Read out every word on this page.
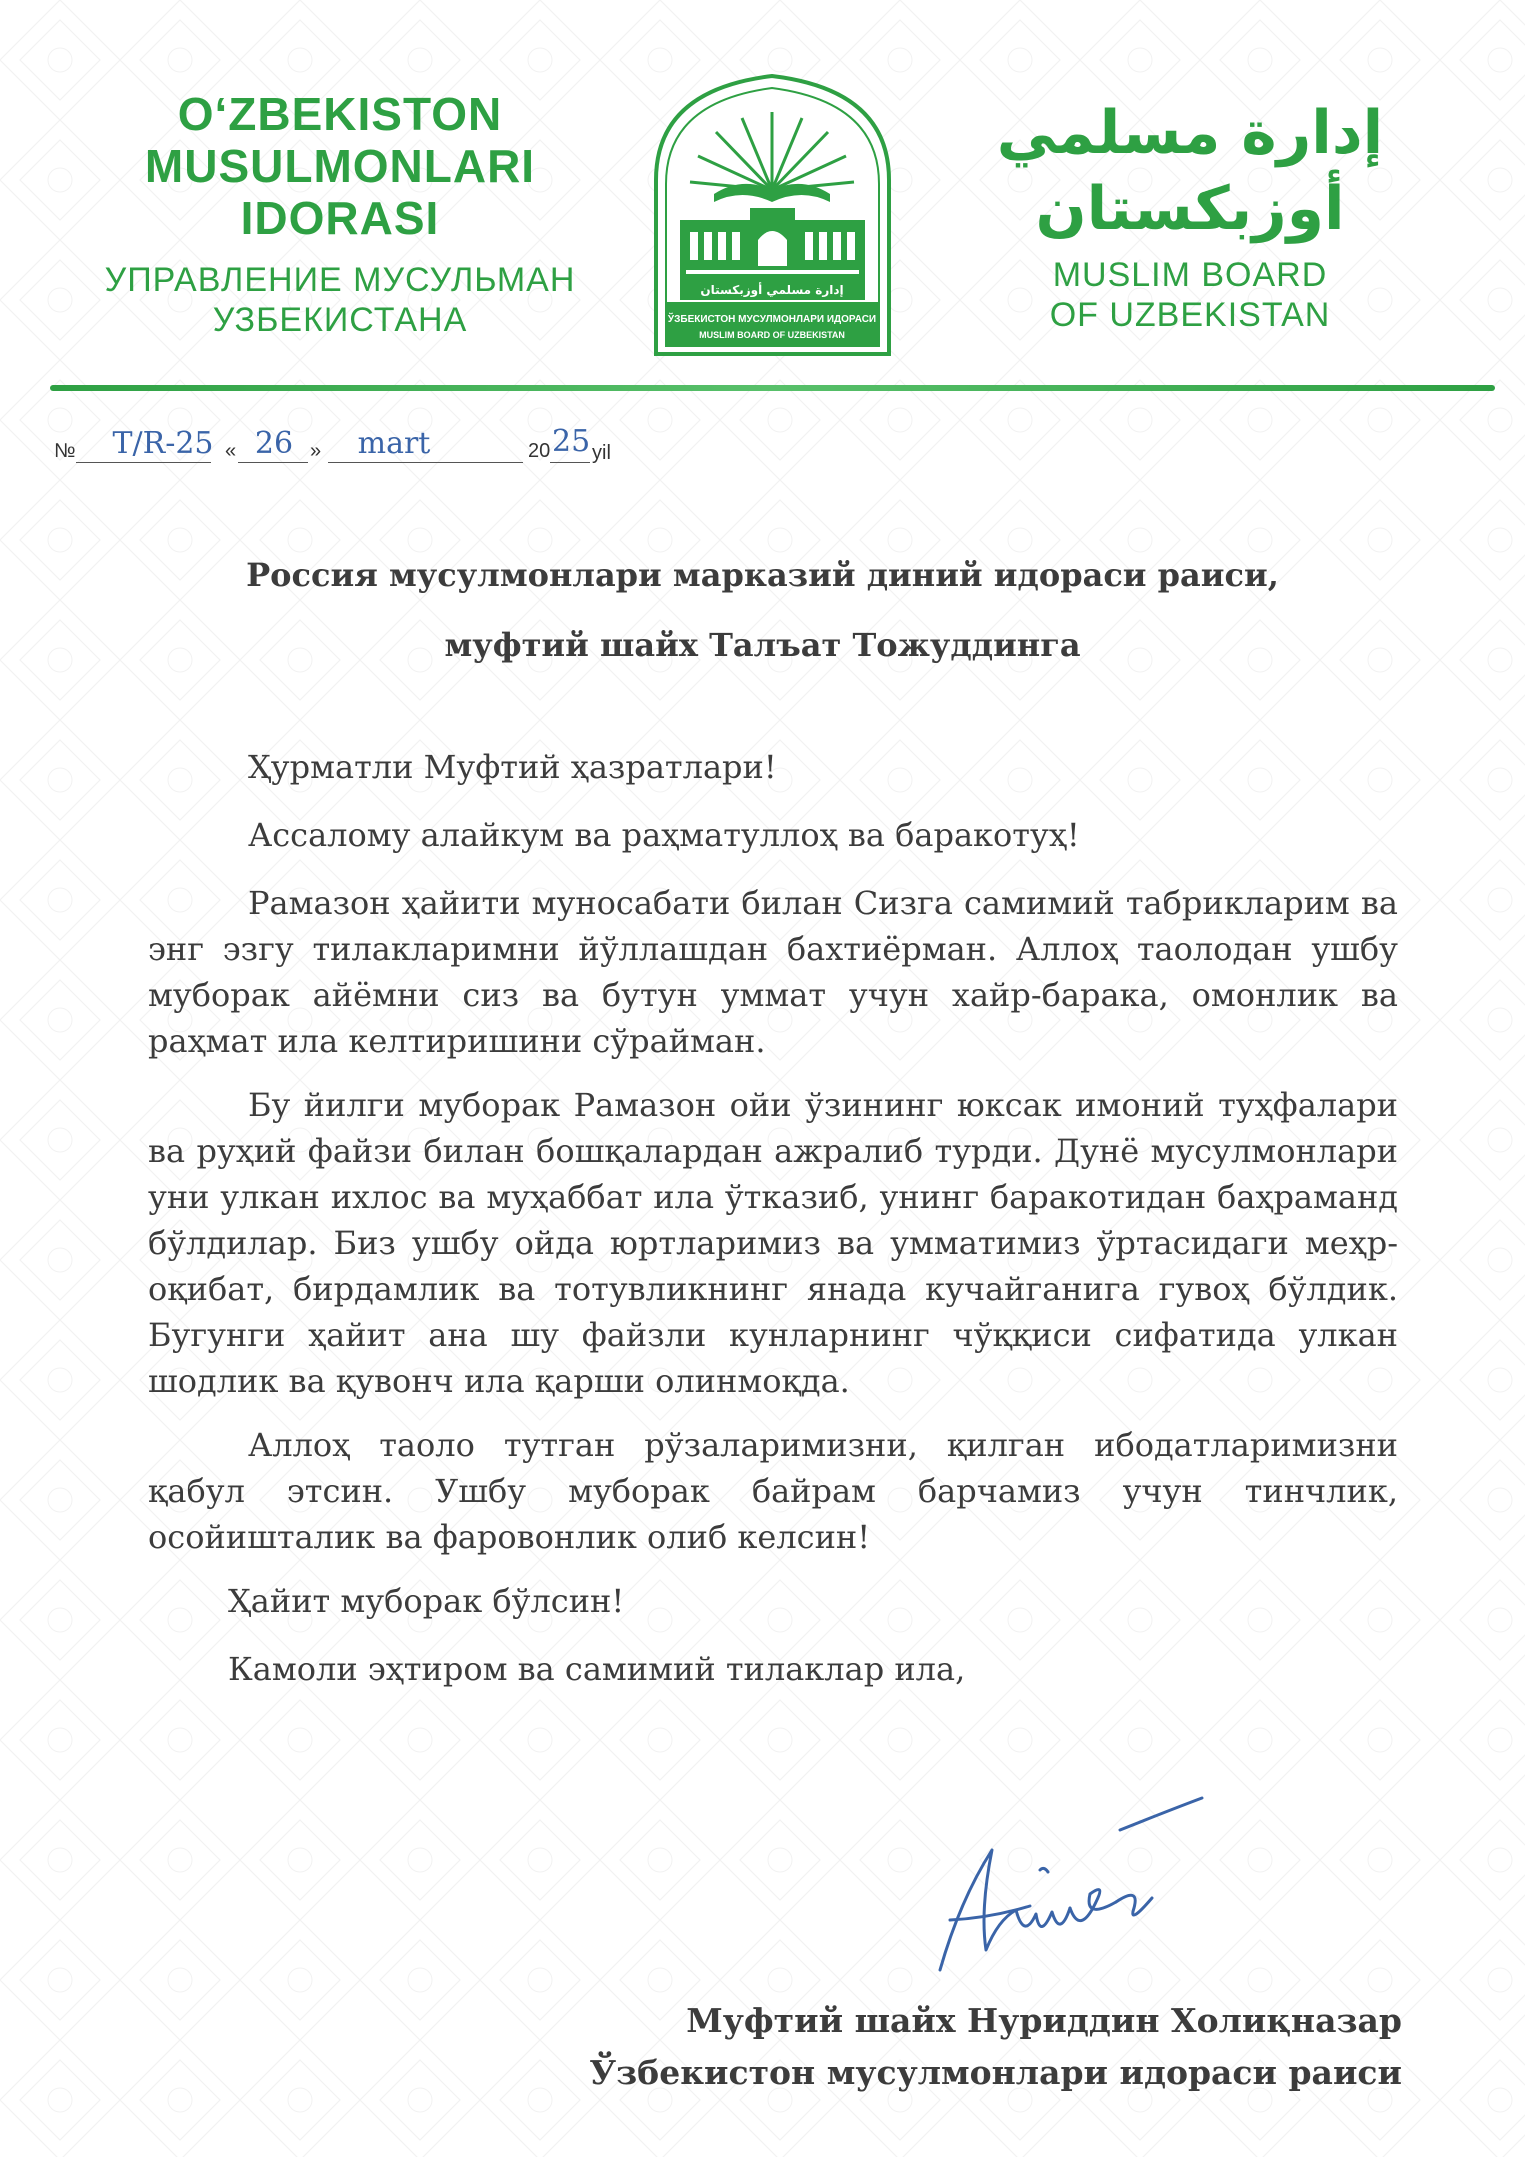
O‘ZBEKISTON
MUSULMONLARI
IDORASI
УПРАВЛЕНИЕ МУСУЛЬМАН
УЗБЕКИСТАНА
إدارة مسلمي أوزبكستان
ЎЗБЕКИСТОН МУСУЛМОНЛАРИ ИДОРАСИ
MUSLIM BOARD OF UZBEKISTAN
إدارة مسلمي
أوزبكستان
MUSLIM BOARD
OF UZBEKISTAN
№ T/R-25 « 26 »	mart	20 25 yil
Россия мусулмонлари марказий диний идораси раиси,
муфтий шайх Талъат Тожуддинга

Ҳурматли Муфтий ҳазратлари!

Ассалому алайкум ва раҳматуллоҳ ва баракотуҳ!

Рамазон ҳайити муносабати билан Сизга самимий табрикларим ва энг эзгу тилакларимни йўллашдан бахтиёрман. Аллоҳ таолодан ушбу муборак айёмни сиз ва бутун уммат учун хайр-барака, омонлик ва раҳмат ила келтиришини сўрайман.

Бу йилги муборак Рамазон ойи ўзининг юксак имоний туҳфалари ва руҳий файзи билан бошқалардан ажралиб турди. Дунё мусулмонлари уни улкан ихлос ва муҳаббат ила ўтказиб, унинг баракотидан баҳраманд бўлдилар. Биз ушбу ойда юртларимиз ва умматимиз ўртасидаги меҳр-оқибат, бирдамлик ва тотувликнинг янада кучайганига гувоҳ бўлдик. Бугунги ҳайит ана шу файзли кунларнинг чўққиси сифатида улкан шодлик ва қувонч ила қарши олинмоқда.

Аллоҳ таоло тутган рўзаларимизни, қилган ибодатларимизни қабул этсин. Ушбу муборак байрам барчамиз учун тинчлик, осойишталик ва фаровонлик олиб келсин!

Ҳайит муборак бўлсин!

Камоли эҳтиром ва самимий тилаклар ила,

Муфтий шайх Нуриддин Холиқназар
Ўзбекистон мусулмонлари идораси раиси
